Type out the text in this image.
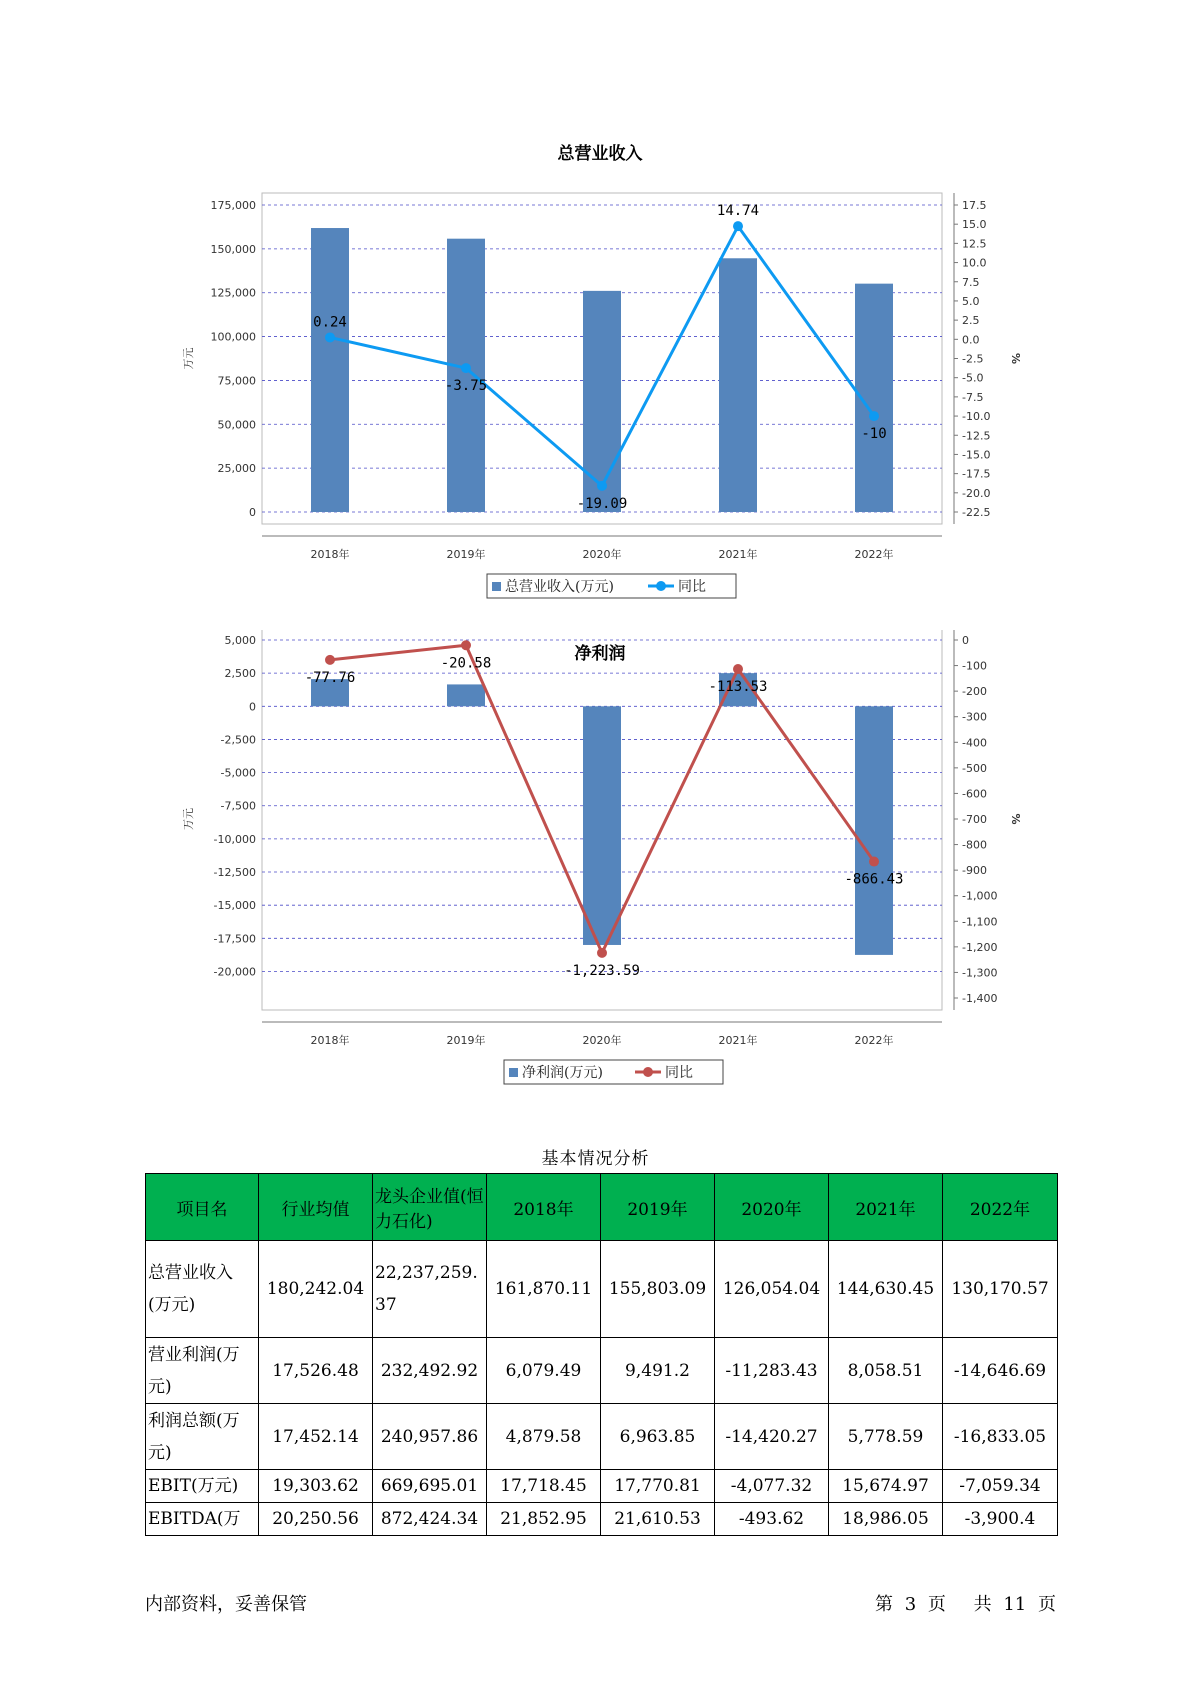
总营业收入
175,000
150,000
125,000
100,000
75,000
50,000
25,000
0
17.5
15.0
12.5
10.0
7.5
5.0
2.5
0.0
-2.5
-5.0
-7.5
-10.0
-12.5
-15.0
-17.5
-20.0
-22.5
万元	%
2018年	2019年	2020年	2021年	2022年
0.24
-3.75
-19.09
14.74
-10
总营业收入(万元)	同比
净利润
5,000
2,500
0
-2,500
-5,000
-7,500
-10,000
-12,500
-15,000
-17,500
-20,000
0
-100
-200
-300
-400
-500
-600
-700
-800
-900
-1,000
-1,100
-1,200
-1,300
-1,400
万元	%
2018年	2019年	2020年	2021年	2022年
-77.76
-20.58
-1,223.59
-113.53
-866.43
净利润(万元)	同比
基本情况分析
项目名	行业均值	龙头企业值(恒力石化)	2018年	2019年	2020年	2021年	2022年
总营业收入(万元)	180,242.04	22,237,259.37	161,870.11	155,803.09	126,054.04	144,630.45	130,170.57
营业利润(万元)	17,526.48	232,492.92	6,079.49	9,491.2	-11,283.43	8,058.51	-14,646.69
利润总额(万元)	17,452.14	240,957.86	4,879.58	6,963.85	-14,420.27	5,778.59	-16,833.05
EBIT(万元)	19,303.62	669,695.01	17,718.45	17,770.81	-4,077.32	15,674.97	-7,059.34
EBITDA(万	20,250.56	872,424.34	21,852.95	21,610.53	-493.62	18,986.05	-3,900.4
内部资料，妥善保管	第 3 页 共 11 页
